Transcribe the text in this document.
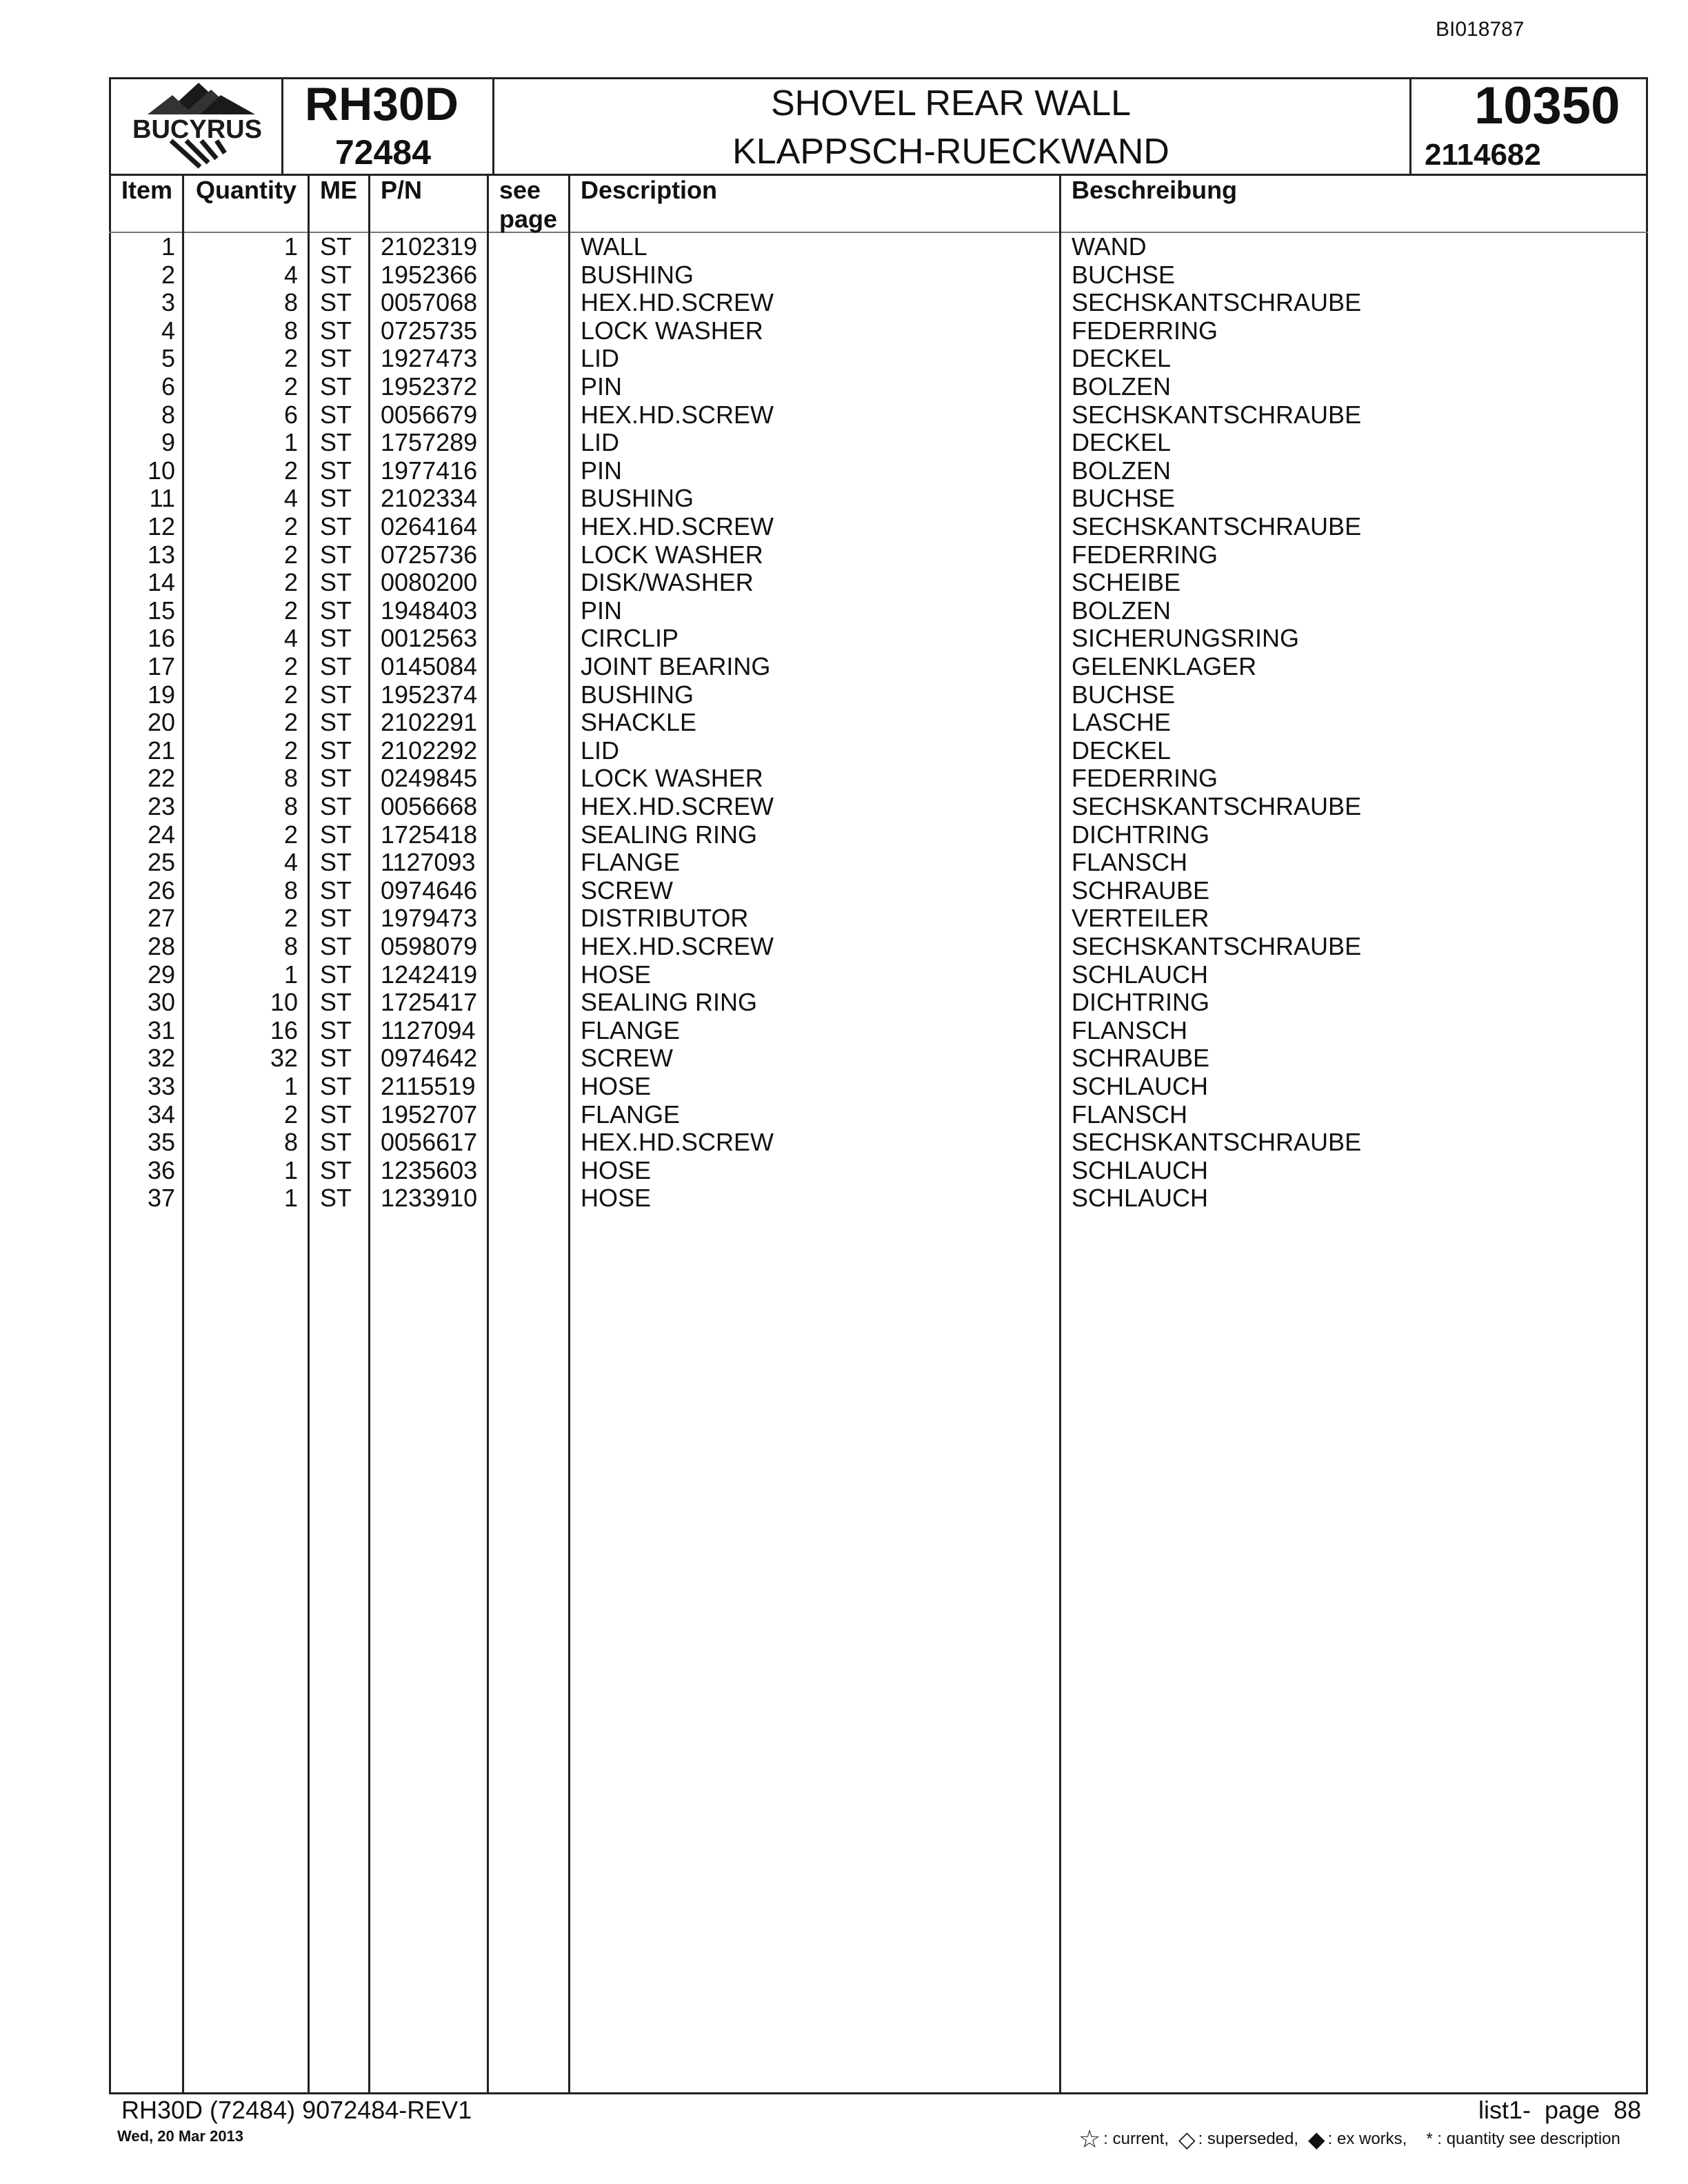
BI018787
BUCYRUS RH30D
72484
SHOVEL REAR WALL
KLAPPSCH-RUECKWAND
10350
2114682
Item Quantity ME P/N	see
page
Description	Beschreibung
1	1 ST 2102319	WALL	WAND
2	4 ST 1952366	BUSHING	BUCHSE
3	8 ST 0057068	HEX.HD.SCREW	SECHSKANTSCHRAUBE
4	8 ST 0725735	LOCK WASHER	FEDERRING
5	2 ST 1927473	LID	DECKEL
6	2 ST 1952372	PIN	BOLZEN
8	6 ST 0056679	HEX.HD.SCREW	SECHSKANTSCHRAUBE
9	1 ST 1757289	LID	DECKEL
10	2 ST 1977416	PIN	BOLZEN
11	4 ST 2102334	BUSHING	BUCHSE
12	2 ST 0264164	HEX.HD.SCREW	SECHSKANTSCHRAUBE
13	2 ST 0725736	LOCK WASHER	FEDERRING
14	2 ST 0080200	DISK/WASHER	SCHEIBE
15	2 ST 1948403	PIN	BOLZEN
16	4 ST 0012563	CIRCLIP	SICHERUNGSRING
17	2 ST 0145084	JOINT BEARING	GELENKLAGER
19	2 ST 1952374	BUSHING	BUCHSE
20	2 ST 2102291	SHACKLE	LASCHE
21	2 ST 2102292	LID	DECKEL
22	8 ST 0249845	LOCK WASHER	FEDERRING
23	8 ST 0056668	HEX.HD.SCREW	SECHSKANTSCHRAUBE
24	2 ST 1725418	SEALING RING	DICHTRING
25	4 ST 1127093	FLANGE	FLANSCH
26	8 ST 0974646	SCREW	SCHRAUBE
27	2 ST 1979473	DISTRIBUTOR	VERTEILER
28	8 ST 0598079	HEX.HD.SCREW	SECHSKANTSCHRAUBE
29	1 ST 1242419	HOSE	SCHLAUCH
30	10 ST 1725417	SEALING RING	DICHTRING
31	16 ST 1127094	FLANGE	FLANSCH
32	32 ST 0974642	SCREW	SCHRAUBE
33	1 ST 2115519	HOSE	SCHLAUCH
34	2 ST 1952707	FLANGE	FLANSCH
35	8 ST 0056617	HEX.HD.SCREW	SECHSKANTSCHRAUBE
36	1 ST 1235603	HOSE	SCHLAUCH
37	1 ST 1233910	HOSE	SCHLAUCH
RH30D (72484) 9072484-REV1
Wed, 20 Mar 2013
list1-  page  88
☆ : current, ◇ : superseded, ◆ : ex works, * : quantity see description
